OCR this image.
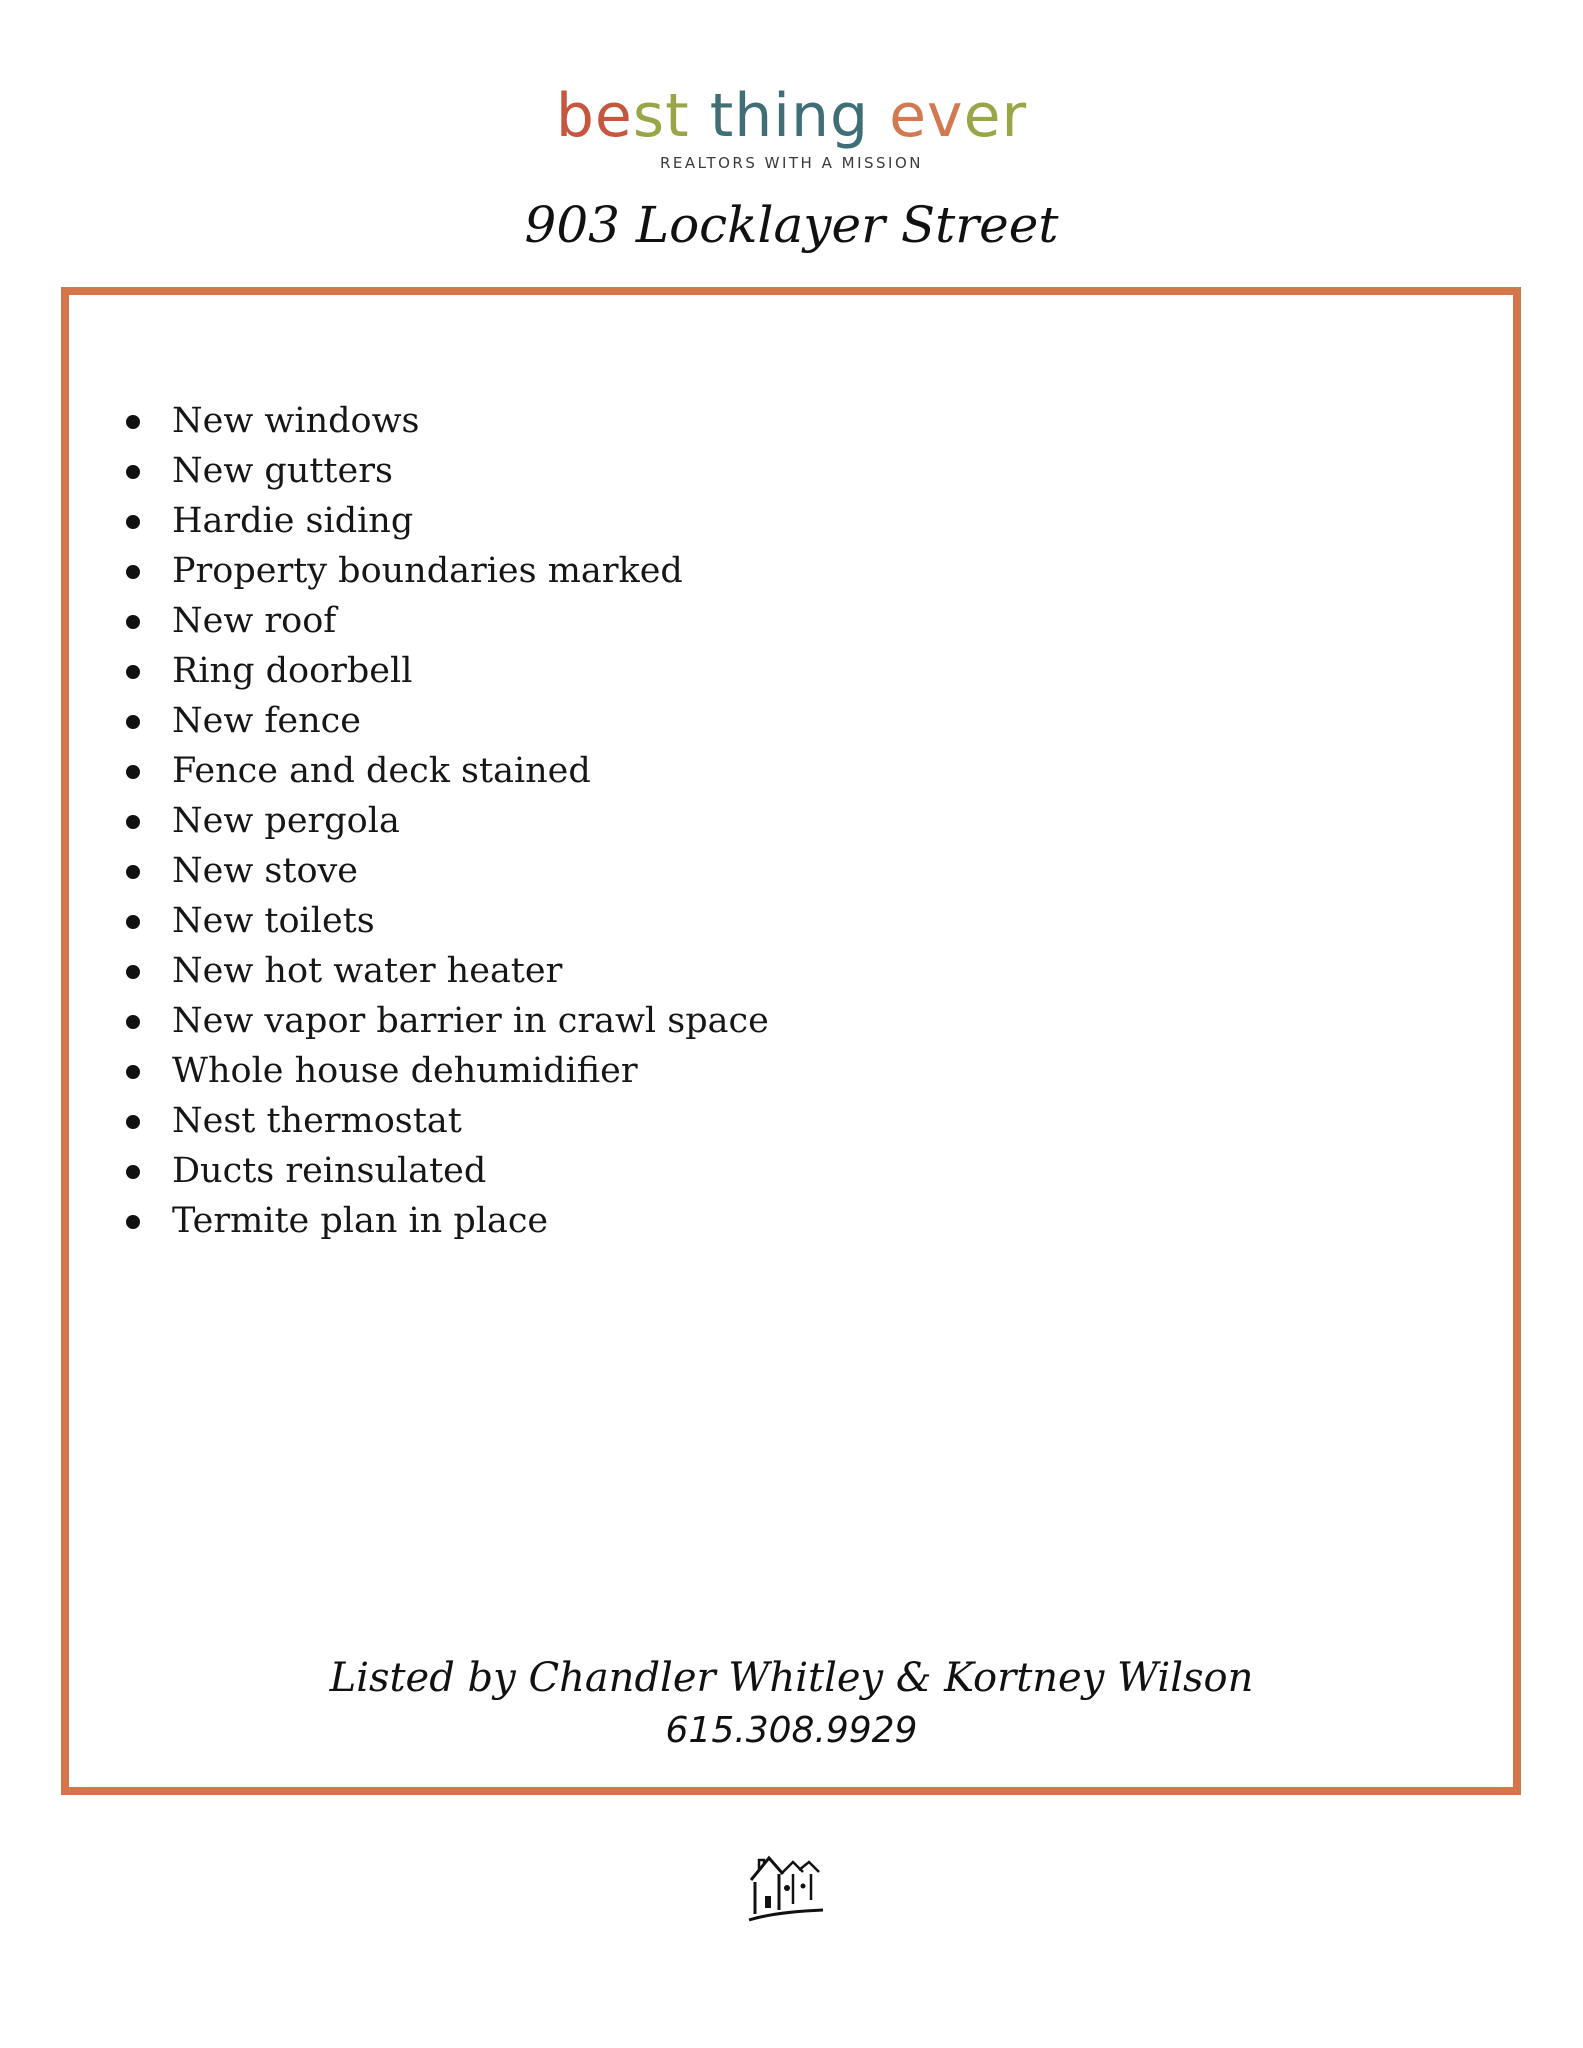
best thing ever
REALTORS WITH A MISSION
903 Locklayer Street
New windows
New gutters
Hardie siding
Property boundaries marked
New roof
Ring doorbell
New fence
Fence and deck stained
New pergola
New stove
New toilets
New hot water heater
New vapor barrier in crawl space
Whole house dehumidifier
Nest thermostat
Ducts reinsulated
Termite plan in place
Listed by Chandler Whitley & Kortney Wilson
615.308.9929
